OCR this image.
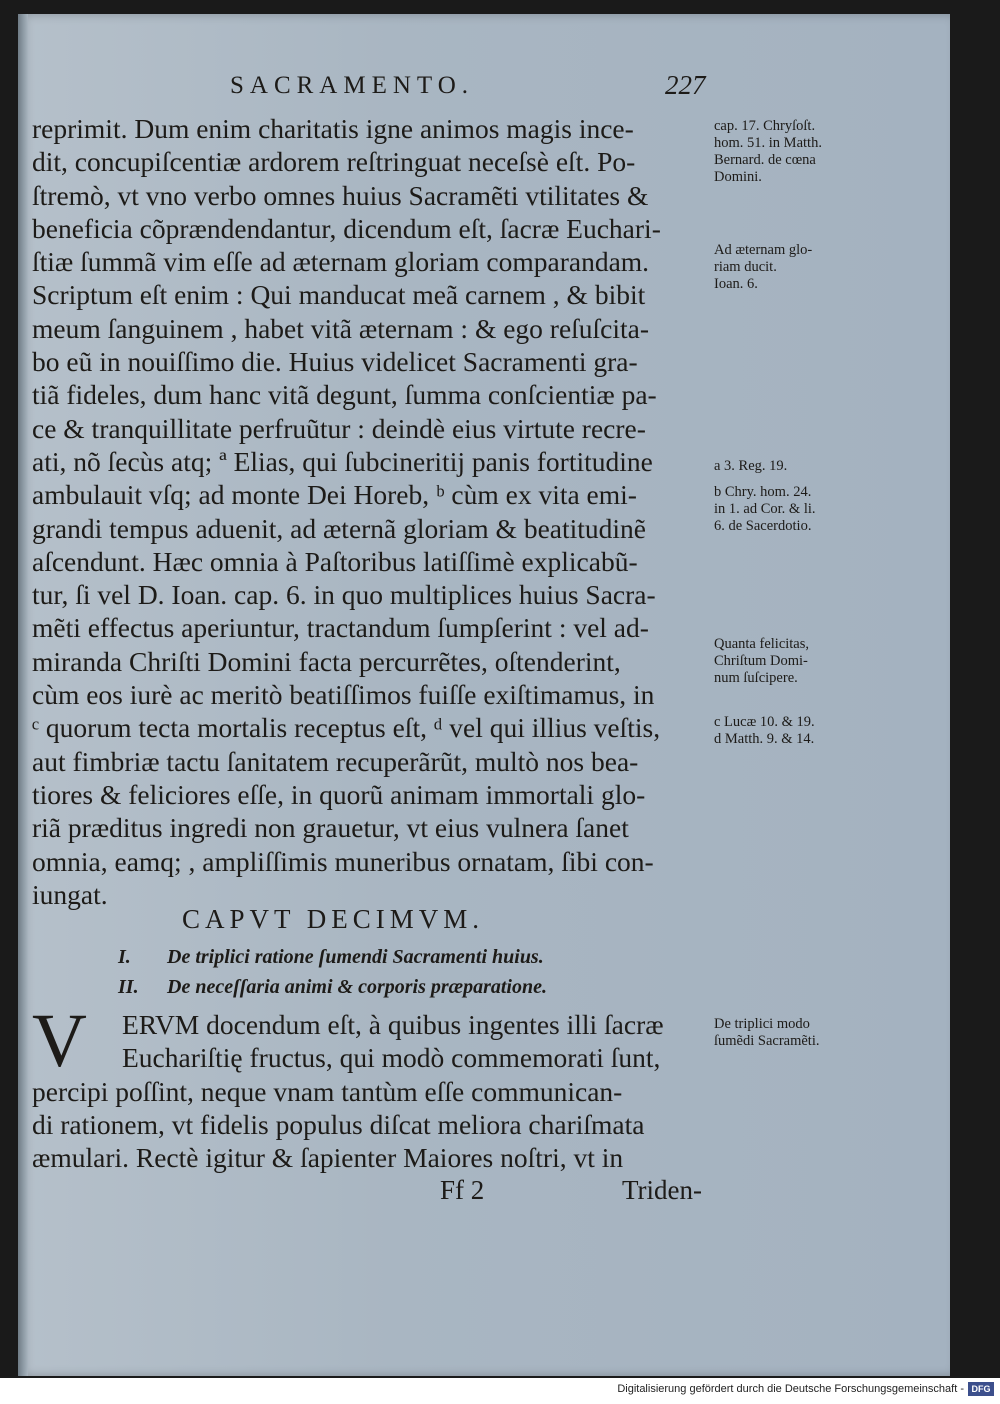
SACRAMENTO.	227
reprimit. Dum enim charitatis igne animos magis ince-
dit, concupiſcentiæ ardorem reſtringuat neceſsè eſt. Po-
ſtremò, vt vno verbo omnes huius Sacramẽti vtilitates &
beneficia cõprændendantur, dicendum eſt, ſacræ Euchari-
ſtiæ ſummã vim eſſe ad æternam gloriam comparandam.
Scriptum eſt enim : Qui manducat meã carnem , & bibit
meum ſanguinem , habet vitã æternam : & ego reſuſcita-
bo eũ in nouiſſimo die. Huius videlicet Sacramenti gra-
tiã fideles, dum hanc vitã degunt, ſumma conſcientiæ pa-
ce & tranquillitate perfruũtur : deindè eius virtute recre-
ati, nõ ſecùs atq; ª Elias, qui ſubcineritij panis fortitudine
ambulauit vſq; ad monte Dei Horeb, ᵇ cùm ex vita emi-
grandi tempus aduenit, ad æternã gloriam & beatitudinẽ
aſcendunt. Hæc omnia à Paſtoribus latiſſimè explicabũ-
tur, ſi vel D. Ioan. cap. 6. in quo multiplices huius Sacra-
mẽti effectus aperiuntur, tractandum ſumpſerint : vel ad-
miranda Chriſti Domini facta percurrẽtes, oſtenderint,
cùm eos iurè ac meritò beatiſſimos fuiſſe exiſtimamus, in
ᶜ quorum tecta mortalis receptus eſt, ᵈ vel qui illius veſtis,
aut fimbriæ tactu ſanitatem recuperãrũt, multò nos bea-
tiores & feliciores eſſe, in quorũ animam immortali glo-
riã præditus ingredi non grauetur, vt eius vulnera ſanet
omnia, eamq; , ampliſſimis muneribus ornatam, ſibi con-
iungat.
cap. 17. Chryſoſt.
hom. 51. in Matth.
Bernard. de cœna
Domini.
Ad æternam glo-
riam ducit.
Ioan. 6.
a 3. Reg. 19.
b Chry. hom. 24.
in 1. ad Cor. & li.
6. de Sacerdotio.
Quanta felicitas,
Chriſtum Domi-
num ſuſcipere.
c Lucæ 10. & 19.
d Matth. 9. & 14.
De triplici modo
ſumẽdi Sacramẽti.
CAPVT DECIMVM.
I. De triplici ratione ſumendi Sacramenti huius.
II. De neceſſaria animi & corporis præparatione.
V	ERVM docendum eſt, à quibus ingentes illi ſacræ
Euchariſtię fructus, qui modò commemorati ſunt,
percipi poſſint, neque vnam tantùm eſſe communican-
di rationem, vt fidelis populus diſcat meliora chariſmata
æmulari. Rectè igitur & ſapienter Maiores noſtri, vt in
Ff 2	Triden-
Digitalisierung gefördert durch die Deutsche Forschungsgemeinschaft - DFG
